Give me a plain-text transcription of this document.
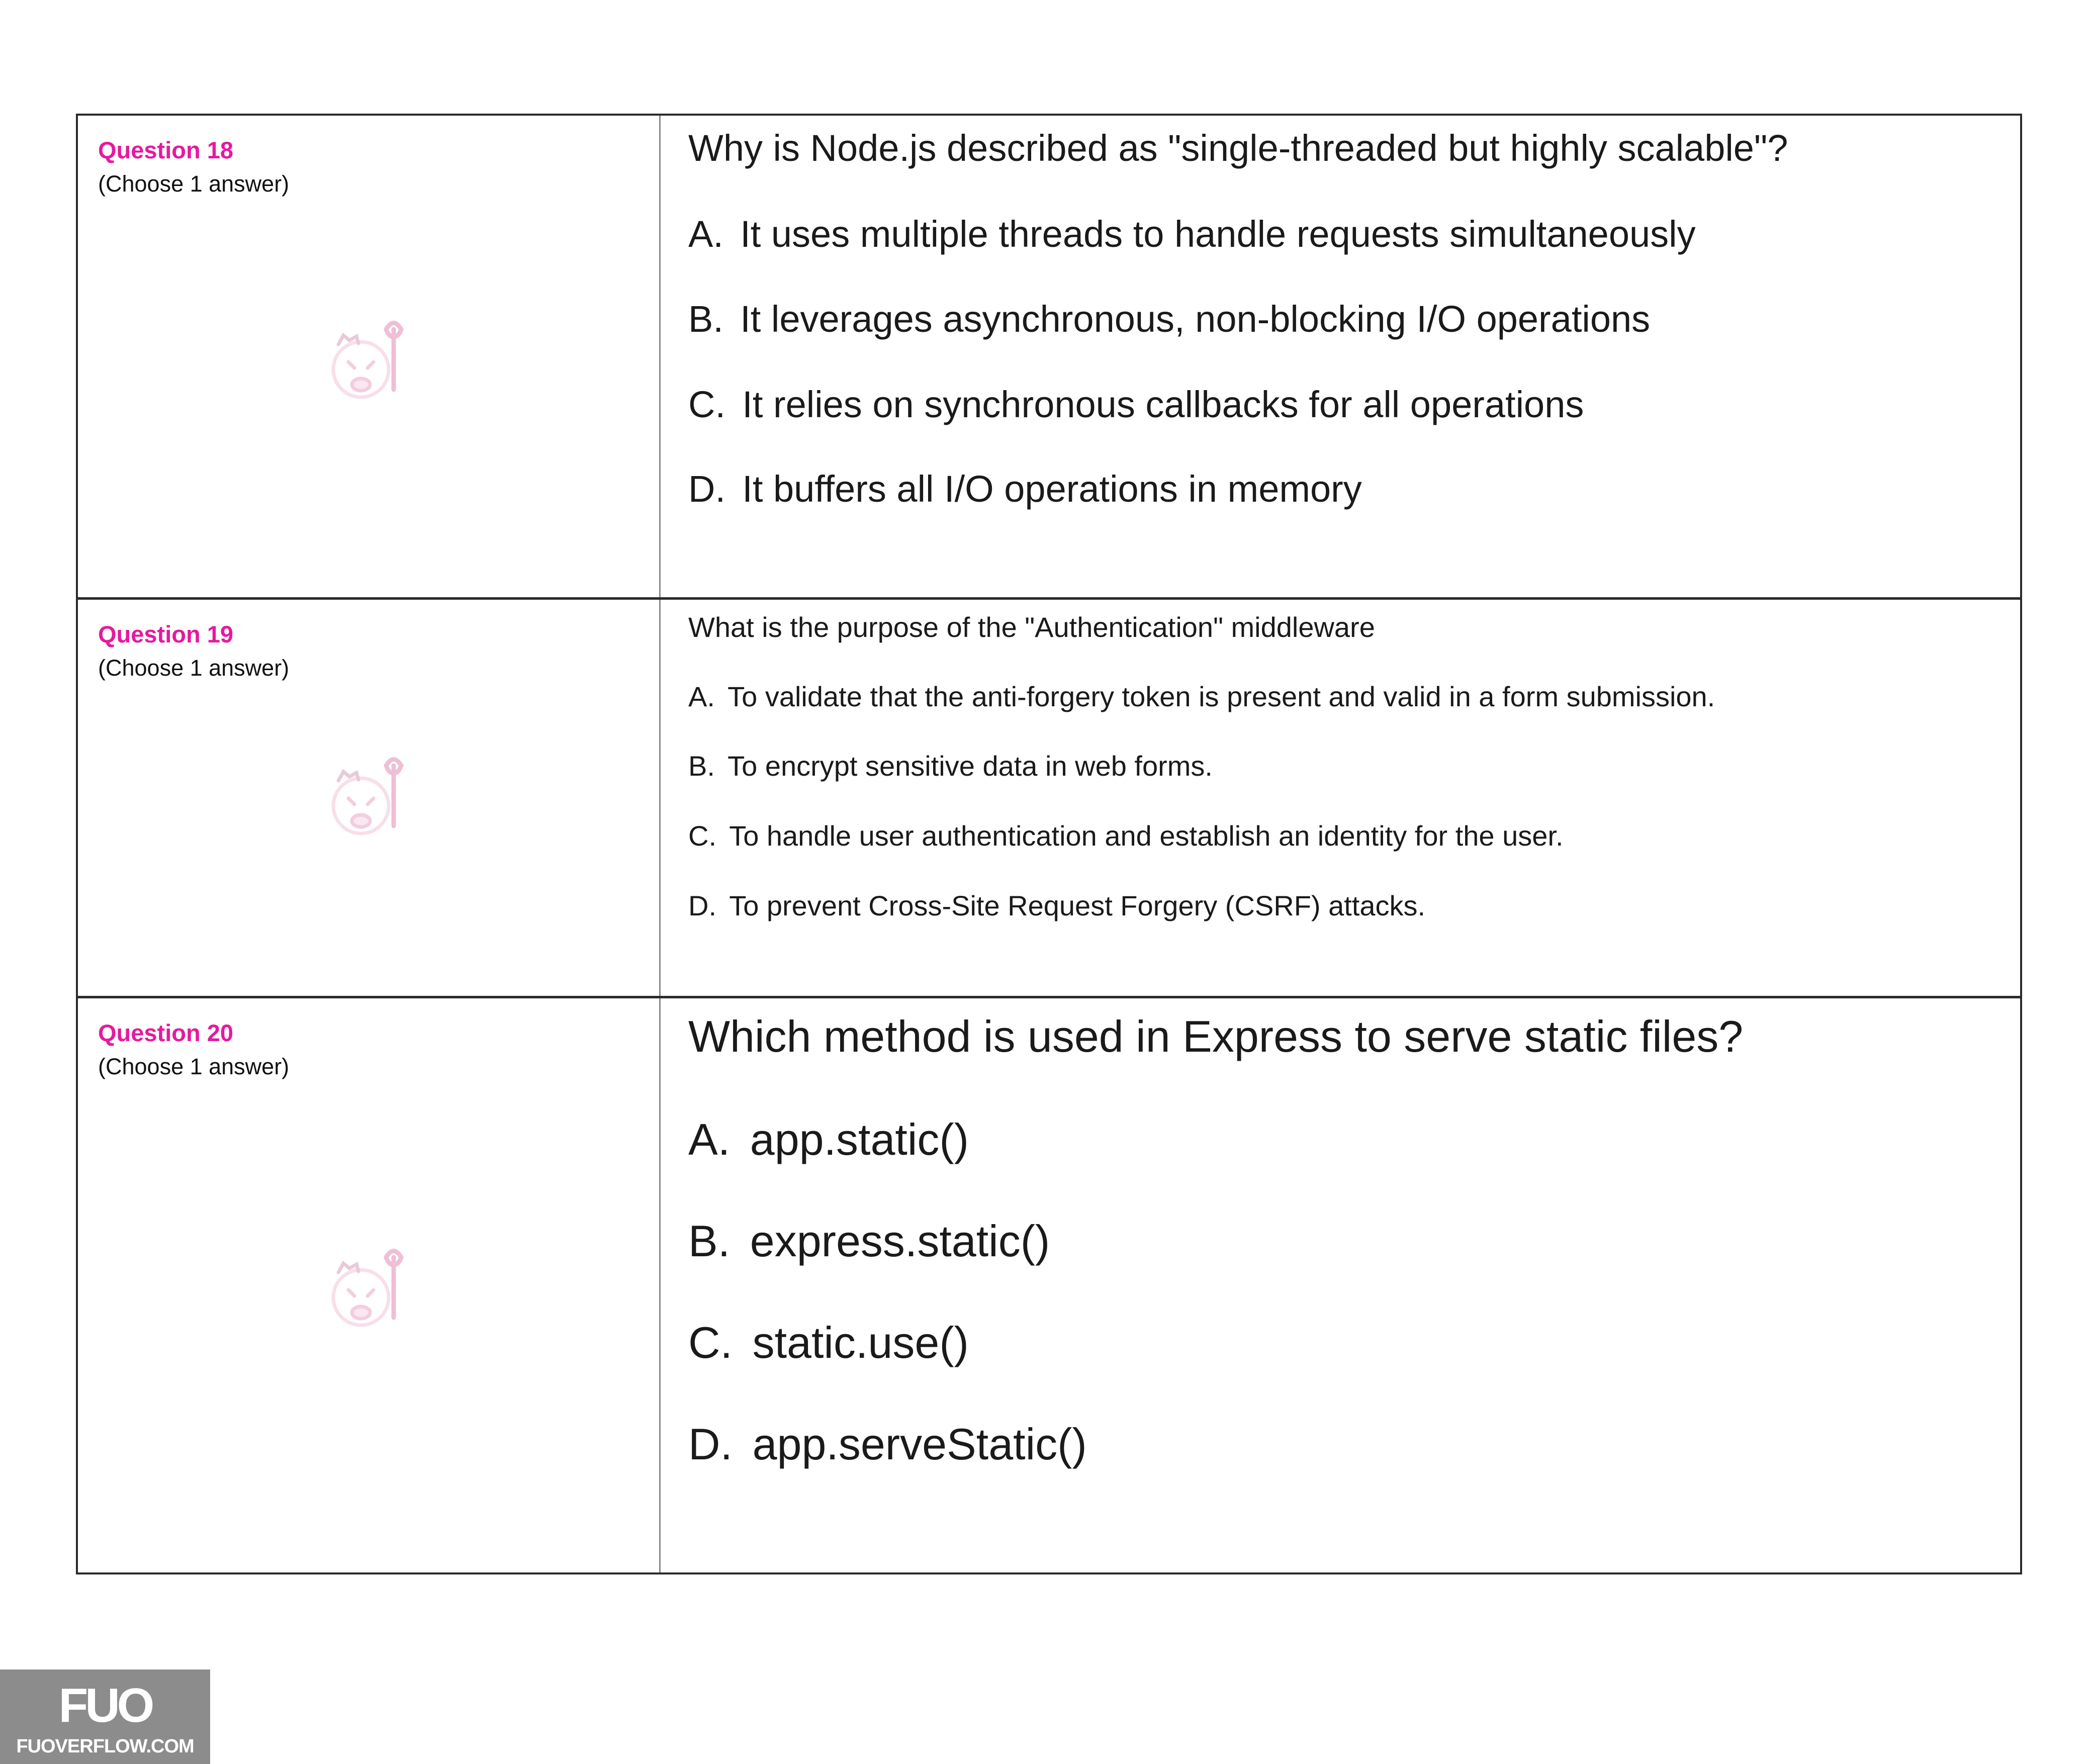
Question 18
(Choose 1 answer)
Why is Node.js described as "single-threaded but highly scalable"?
A. It uses multiple threads to handle requests simultaneously
B. It leverages asynchronous, non-blocking I/O operations
C. It relies on synchronous callbacks for all operations
D. It buffers all I/O operations in memory
Question 19
(Choose 1 answer)
What is the purpose of the "Authentication" middleware
A. To validate that the anti-forgery token is present and valid in a form submission.
B. To encrypt sensitive data in web forms.
C. To handle user authentication and establish an identity for the user.
D. To prevent Cross-Site Request Forgery (CSRF) attacks.
Question 20
(Choose 1 answer)
Which method is used in Express to serve static files?
A. app.static()
B. express.static()
C. static.use()
D. app.serveStatic()
FUO
FUOVERFLOW.COM
